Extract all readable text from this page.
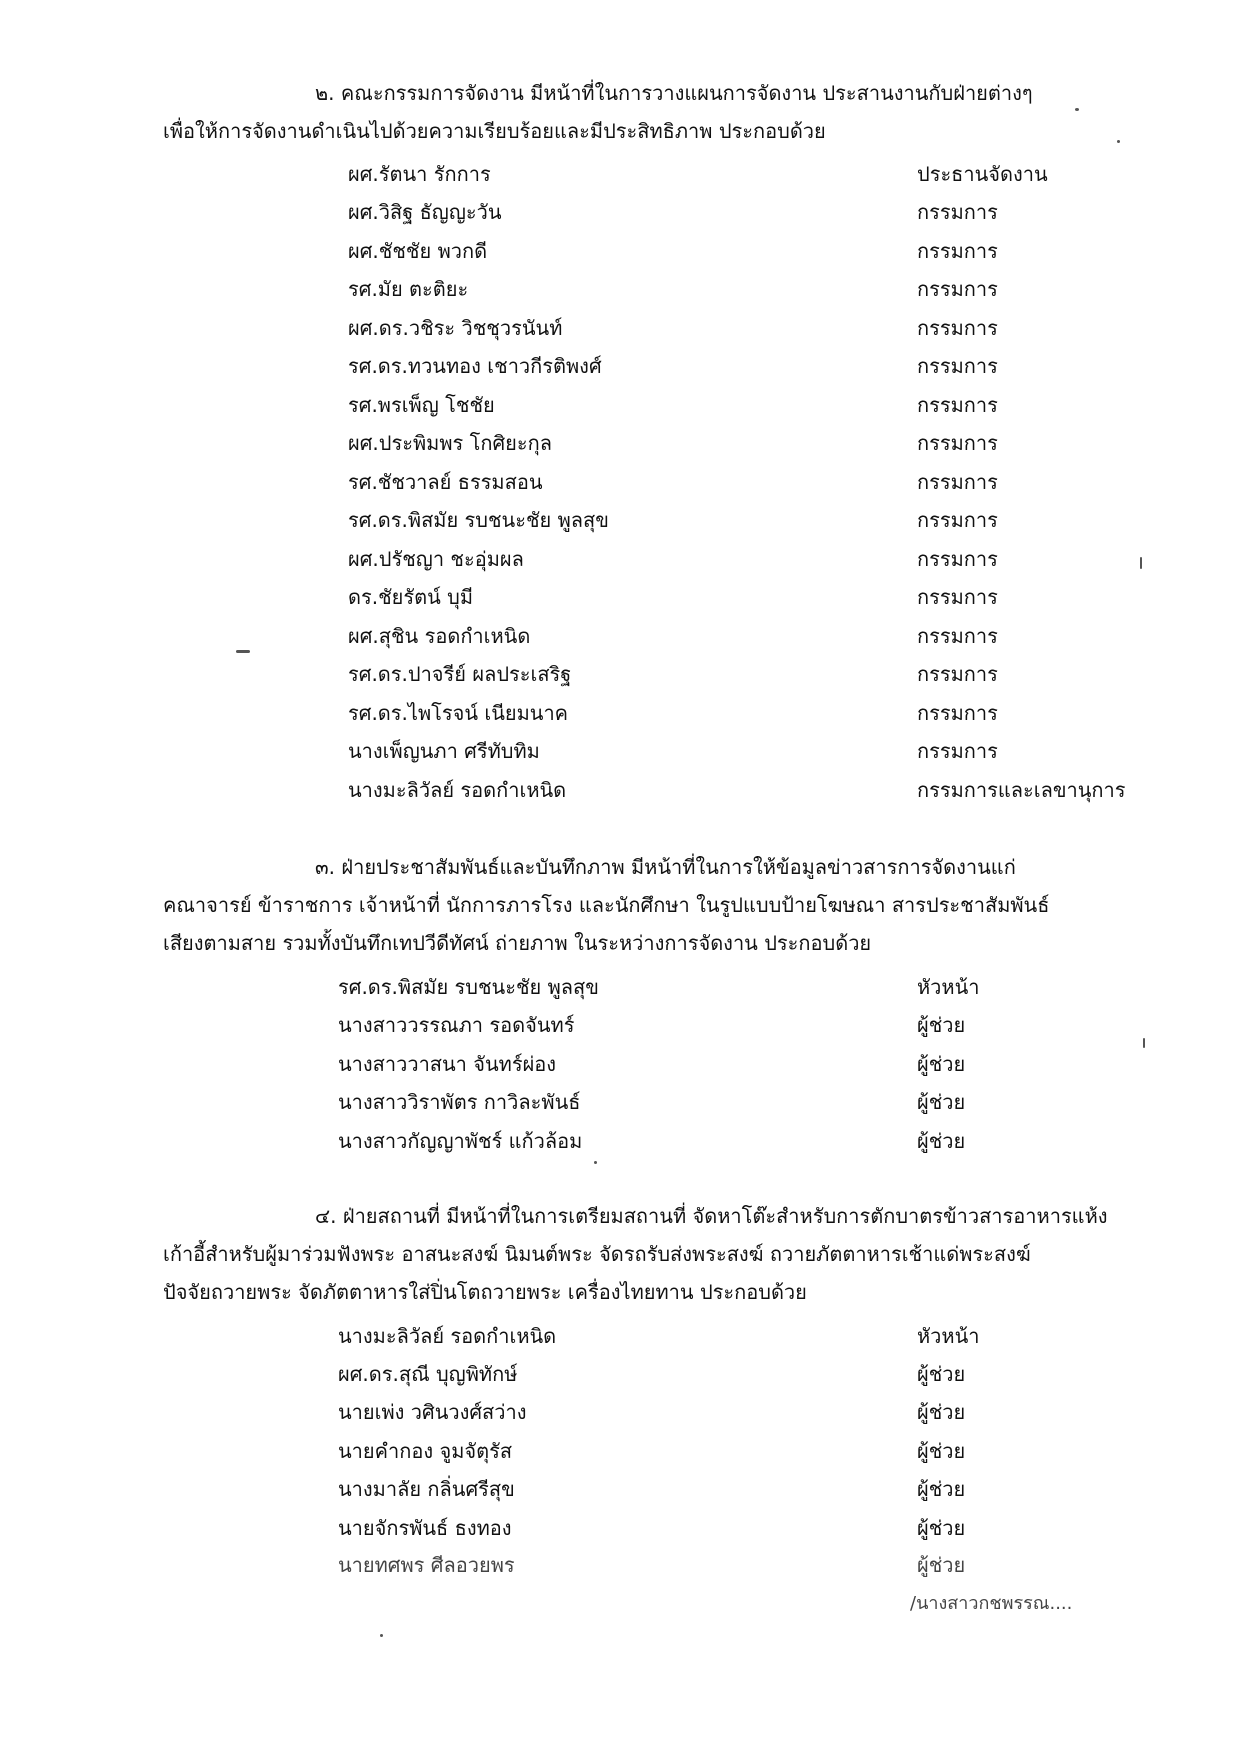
๒. คณะกรรมการจัดงาน มีหน้าที่ในการวางแผนการจัดงาน ประสานงานกับฝ่ายต่างๆ
เพื่อให้การจัดงานดำเนินไปด้วยความเรียบร้อยและมีประสิทธิภาพ ประกอบด้วย
ผศ.รัตนา รักการ	ประธานจัดงาน
ผศ.วิสิฐ ธัญญะวัน	กรรมการ
ผศ.ชัชชัย พวกดี	กรรมการ
รศ.มัย ตะติยะ	กรรมการ
ผศ.ดร.วชิระ วิชชุวรนันท์	กรรมการ
รศ.ดร.ทวนทอง เชาวกีรติพงศ์	กรรมการ
รศ.พรเพ็ญ โชชัย	กรรมการ
ผศ.ประพิมพร โกศิยะกุล	กรรมการ
รศ.ชัชวาลย์ ธรรมสอน	กรรมการ
รศ.ดร.พิสมัย รบชนะชัย พูลสุข	กรรมการ
ผศ.ปรัชญา ชะอุ่มผล	กรรมการ
ดร.ชัยรัตน์ บุมี	กรรมการ
ผศ.สุชิน รอดกำเหนิด	กรรมการ
รศ.ดร.ปาจรีย์ ผลประเสริฐ	กรรมการ
รศ.ดร.ไพโรจน์ เนียมนาค	กรรมการ
นางเพ็ญนภา ศรีทับทิม	กรรมการ
นางมะลิวัลย์ รอดกำเหนิด	กรรมการและเลขานุการ
๓. ฝ่ายประชาสัมพันธ์และบันทึกภาพ มีหน้าที่ในการให้ข้อมูลข่าวสารการจัดงานแก่
คณาจารย์ ข้าราชการ เจ้าหน้าที่ นักการภารโรง และนักศึกษา ในรูปแบบป้ายโฆษณา สารประชาสัมพันธ์
เสียงตามสาย รวมทั้งบันทึกเทปวีดีทัศน์ ถ่ายภาพ ในระหว่างการจัดงาน ประกอบด้วย
รศ.ดร.พิสมัย รบชนะชัย พูลสุข	หัวหน้า
นางสาววรรณภา รอดจันทร์	ผู้ช่วย
นางสาววาสนา จันทร์ผ่อง	ผู้ช่วย
นางสาววิราพัตร กาวิละพันธ์	ผู้ช่วย
นางสาวกัญญาพัชร์ แก้วล้อม	ผู้ช่วย
๔. ฝ่ายสถานที่ มีหน้าที่ในการเตรียมสถานที่ จัดหาโต๊ะสำหรับการตักบาตรข้าวสารอาหารแห้ง
เก้าอี้สำหรับผู้มาร่วมฟังพระ อาสนะสงฆ์ นิมนต์พระ จัดรถรับส่งพระสงฆ์ ถวายภัตตาหารเช้าแด่พระสงฆ์
ปัจจัยถวายพระ จัดภัตตาหารใส่ปิ่นโตถวายพระ เครื่องไทยทาน ประกอบด้วย
นางมะลิวัลย์ รอดกำเหนิด	หัวหน้า
ผศ.ดร.สุณี บุญพิทักษ์	ผู้ช่วย
นายเพ่ง วศินวงศ์สว่าง	ผู้ช่วย
นายคำกอง จูมจัตุรัส	ผู้ช่วย
นางมาลัย กลิ่นศรีสุข	ผู้ช่วย
นายจักรพันธ์ ธงทอง	ผู้ช่วย
นายทศพร ศีลอวยพร	ผู้ช่วย
/นางสาวกชพรรณ....
